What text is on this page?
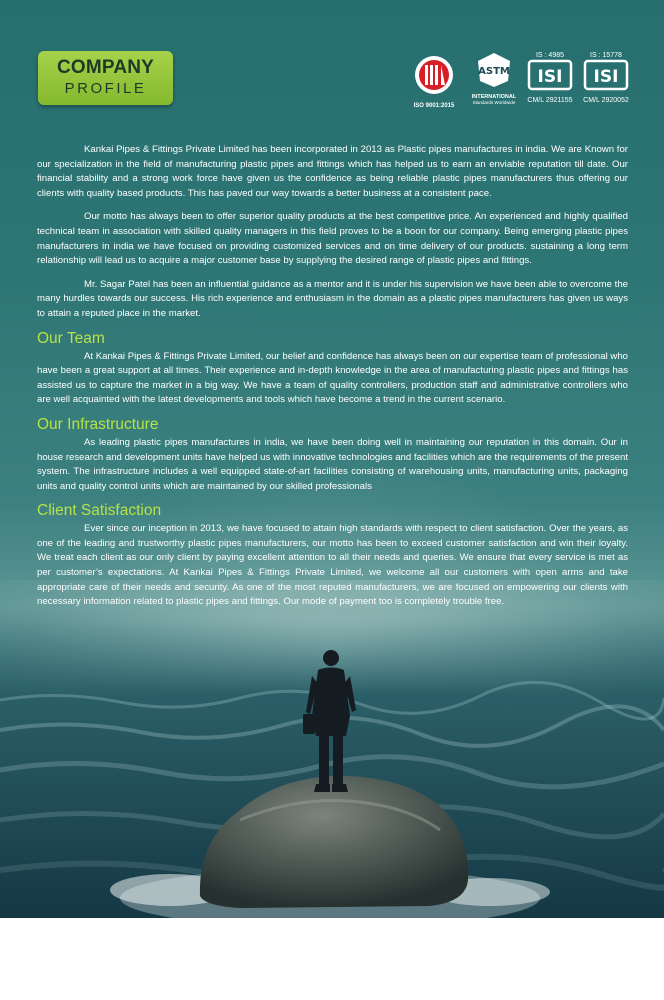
COMPANY
PROFILE
ISO 9001:2015
ASTM
INTERNATIONAL
Standards Worldwide
IS : 4985
ISI
CM/L 2921155
IS : 15778
ISI
CM/L 2920052

Kankai Pipes & Fittings Private Limited has been incorporated in 2013 as Plastic pipes manufactures in india. We are Known for our specialization in the field of manufacturing plastic pipes and fittings which has helped us to earn an enviable reputation till date. Our financial stability and a strong work force have given us the confidence as being reliable plastic pipes manufacturers thus offering our clients with quality based products. This has paved our way towards a better business at a consistent pace.

Our motto has always been to offer superior quality products at the best competitive price. An experienced and highly qualified technical team in association with skilled quality managers in this field proves to be a boon for our company. Being emerging plastic pipes manufacturers in india we have focused on providing customized services and on time delivery of our products. sustaining a long term relationship will lead us to acquire a major customer base by supplying the desired range of plastic pipes and fittings.

Mr. Sagar Patel has been an influential guidance as a mentor and it is under his supervision we have been able to overcome the many hurdles towards our success. His rich experience and enthusiasm in the domain as a plastic pipes manufacturers has given us ways to attain a reputed place in the market.

Our Team

At Kankai Pipes & Fittings Private Limited, our belief and confidence has always been on our expertise team of professional who have been a great support at all times. Their experience and in-depth knowledge in the area of manufacturing plastic pipes and fittings has assisted us to capture the market in a big way. We have a team of quality controllers, production staff and administrative controllers who are well acquainted with the latest developments and tools which have become a trend in the current scenario.

Our Infrastructure

As leading plastic pipes manufactures in india, we have been doing well in maintaining our reputation in this domain. Our in house research and development units have helped us with innovative technologies and facilities which are the requirements of the present system. The infrastructure includes a well equipped state-of-art facilities consisting of warehousing units, manufacturing units, packaging units and quality control units which are maintained by our skilled professionals

Client Satisfaction

Ever since our inception in 2013, we have focused to attain high standards with respect to client satisfaction. Over the years, as one of the leading and trustworthy plastic pipes manufacturers, our motto has been to exceed customer satisfaction and win their loyalty. We treat each client as our only client by paying excellent attention to all their needs and queries. We ensure that every service is met as per customer’s expectations. At Kankai Pipes & Fittings Private Limited, we welcome all our customers with open arms and take appropriate care of their needs and security. As one of the most reputed manufacturers, we are focused on empowering our clients with necessary information related to plastic pipes and fittings. Our mode of payment too is completely trouble free.
